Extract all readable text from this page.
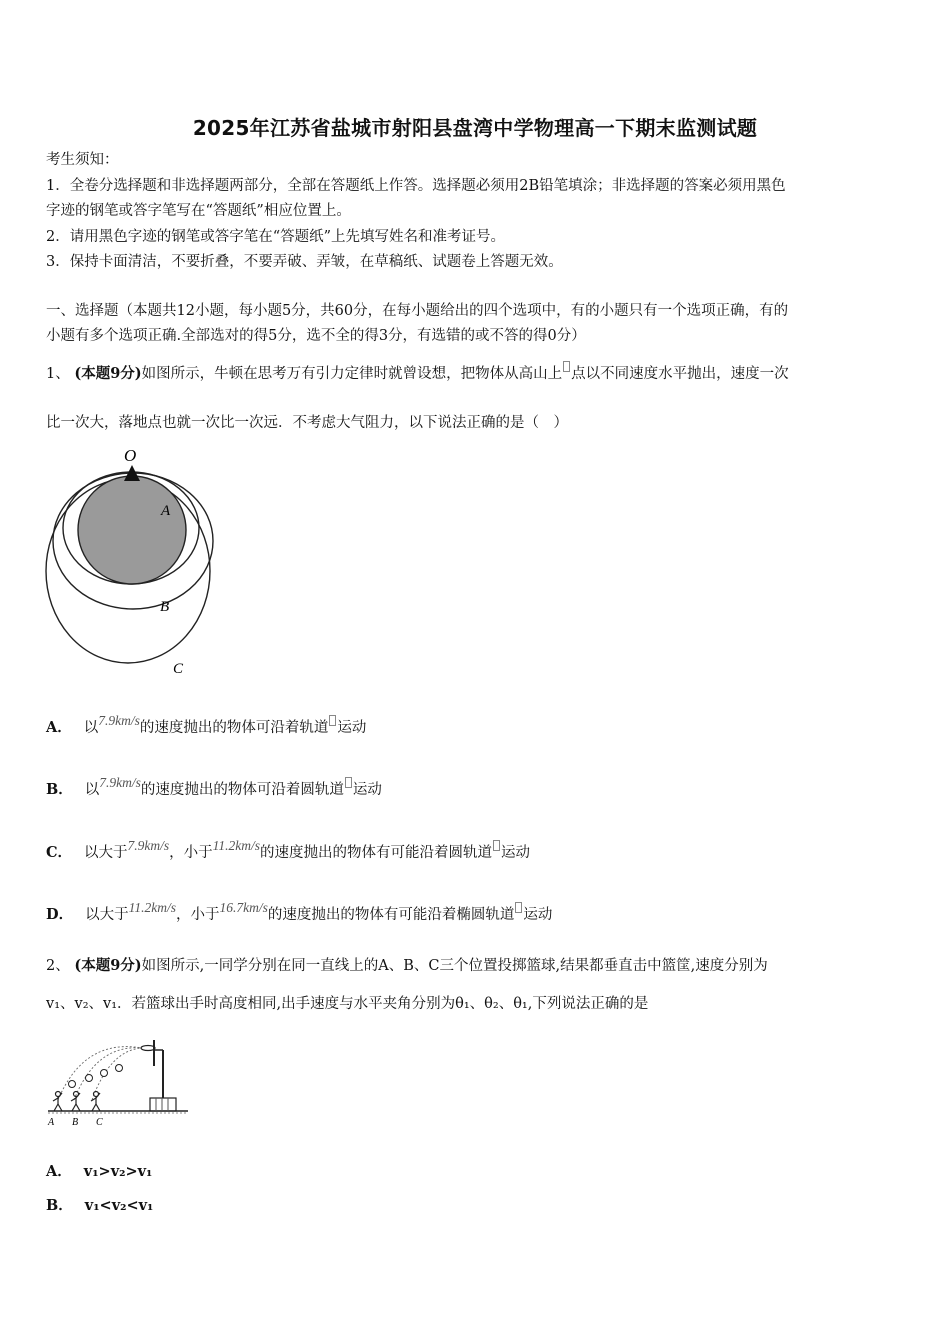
2025年江苏省盐城市射阳县盘湾中学物理高一下期末监测试题
考生须知：
1．全卷分选择题和非选择题两部分，全部在答题纸上作答。选择题必须用2B铅笔填涂；非选择题的答案必须用黑色
字迹的钢笔或答字笔写在“答题纸”相应位置上。
2．请用黑色字迹的钢笔或答字笔在“答题纸”上先填写姓名和准考证号。
3．保持卡面清洁，不要折叠，不要弄破、弄皱，在草稿纸、试题卷上答题无效。
一、选择题（本题共12小题，每小题5分，共60分，在每小题给出的四个选项中，有的小题只有一个选项正确，有的
小题有多个选项正确.全部选对的得5分，选不全的得3分，有选错的或不答的得0分）
1、 (本题9分)如图所示，牛顿在思考万有引力定律时就曾设想，把物体从高山上 点以不同速度水平抛出，速度一次
比一次大，落地点也就一次比一次远．不考虑大气阻力，以下说法正确的是（　）
O
A
B
C
A． 以7.9km/s的速度抛出的物体可沿着轨道 运动
B． 以7.9km/s的速度抛出的物体可沿着圆轨道 运动
C． 以大于7.9km/s，小于11.2km/s的速度抛出的物体有可能沿着圆轨道 运动
D． 以大于11.2km/s，小于16.7km/s的速度抛出的物体有可能沿着椭圆轨道 运动
2、 (本题9分)如图所示,一同学分别在同一直线上的A、B、C三个位置投掷篮球,结果都垂直击中篮筐,速度分别为
v₁、v₂、v₁．若篮球出手时高度相同,出手速度与水平夹角分别为θ₁、θ₂、θ₁,下列说法正确的是
A B C
A． v₁>v₂>v₁
B． v₁<v₂<v₁
